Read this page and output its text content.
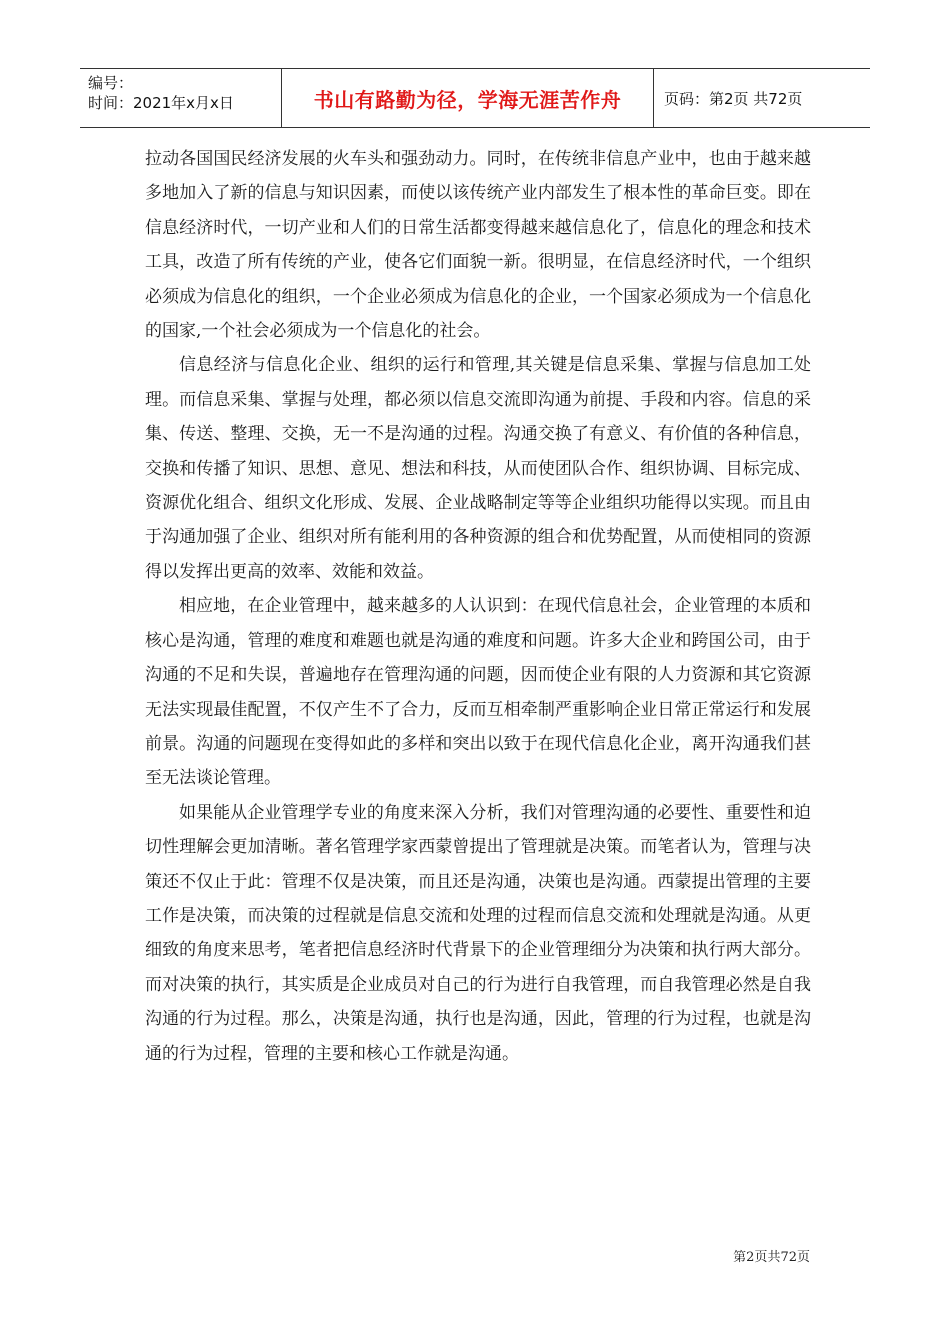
编号：
时间：2021年x月x日	书山有路勤为径，学海无涯苦作舟	页码：第2页 共72页

拉动各国国民经济发展的火车头和强劲动力。同时，在传统非信息产业中，也由于越来越多地加入了新的信息与知识因素，而使以该传统产业内部发生了根本性的革命巨变。即在信息经济时代，一切产业和人们的日常生活都变得越来越信息化了，信息化的理念和技术工具，改造了所有传统的产业，使各它们面貌一新。很明显，在信息经济时代，一个组织必须成为信息化的组织，一个企业必须成为信息化的企业，一个国家必须成为一个信息化的国家,一个社会必须成为一个信息化的社会。

信息经济与信息化企业、组织的运行和管理,其关键是信息采集、掌握与信息加工处理。而信息采集、掌握与处理，都必须以信息交流即沟通为前提、手段和内容。信息的采集、传送、整理、交换，无一不是沟通的过程。沟通交换了有意义、有价值的各种信息，交换和传播了知识、思想、意见、想法和科技，从而使团队合作、组织协调、目标完成、资源优化组合、组织文化形成、发展、企业战略制定等等企业组织功能得以实现。而且由于沟通加强了企业、组织对所有能利用的各种资源的组合和优势配置，从而使相同的资源得以发挥出更高的效率、效能和效益。

相应地，在企业管理中，越来越多的人认识到：在现代信息社会，企业管理的本质和核心是沟通，管理的难度和难题也就是沟通的难度和问题。许多大企业和跨国公司，由于沟通的不足和失误，普遍地存在管理沟通的问题，因而使企业有限的人力资源和其它资源无法实现最佳配置，不仅产生不了合力，反而互相牵制严重影响企业日常正常运行和发展前景。沟通的问题现在变得如此的多样和突出以致于在现代信息化企业，离开沟通我们甚至无法谈论管理。

如果能从企业管理学专业的角度来深入分析，我们对管理沟通的必要性、重要性和迫切性理解会更加清晰。著名管理学家西蒙曾提出了管理就是决策。而笔者认为，管理与决策还不仅止于此：管理不仅是决策，而且还是沟通，决策也是沟通。西蒙提出管理的主要工作是决策，而决策的过程就是信息交流和处理的过程而信息交流和处理就是沟通。从更细致的角度来思考，笔者把信息经济时代背景下的企业管理细分为决策和执行两大部分。而对决策的执行，其实质是企业成员对自己的行为进行自我管理，而自我管理必然是自我沟通的行为过程。那么，决策是沟通，执行也是沟通，因此，管理的行为过程，也就是沟通的行为过程，管理的主要和核心工作就是沟通。

第2页共72页
